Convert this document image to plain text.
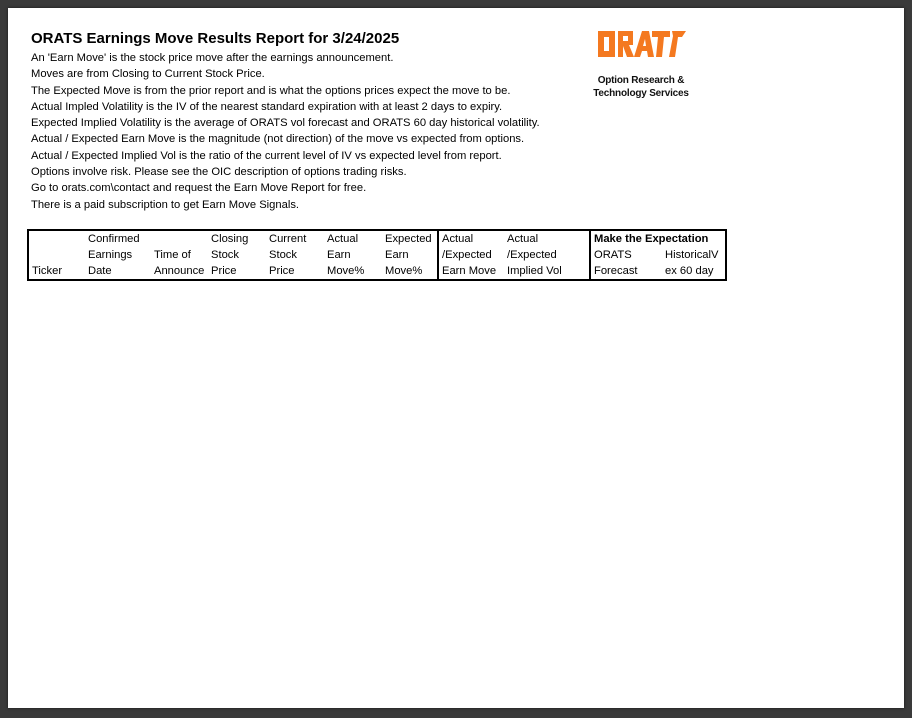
ORATS Earnings Move Results Report for 3/24/2025
An 'Earn Move' is the stock price move after the earnings announcement.
Moves are from Closing to Current Stock Price.
The Expected Move is from the prior report and is what the options prices expect the move to be.
Actual Impled Volatility is the IV of the nearest standard expiration with at least 2 days to expiry.
Expected Implied Volatility is the average of ORATS vol forecast and ORATS 60 day historical volatility.
Actual / Expected Earn Move is the magnitude (not direction) of the move vs expected from options.
Actual / Expected Implied Vol is the ratio of the current level of IV vs expected level from report.
Options involve risk. Please see the OIC description of options trading risks.
Go to orats.com\contact and request the Earn Move Report for free.
There is a paid subscription to get Earn Move Signals.
Option Research &
Technology Services
	Confirmed		Closing	Current	Actual	Expected	Actual	Actual	Make the Expectation	
	Earnings	Time of	Stock	Stock	Earn	Earn	/Expected	/Expected	ORATS	HistoricalV
Ticker	Date	Announce	Price	Price	Move%	Move%	Earn Move	Implied Vol	Forecast	ex 60 day
